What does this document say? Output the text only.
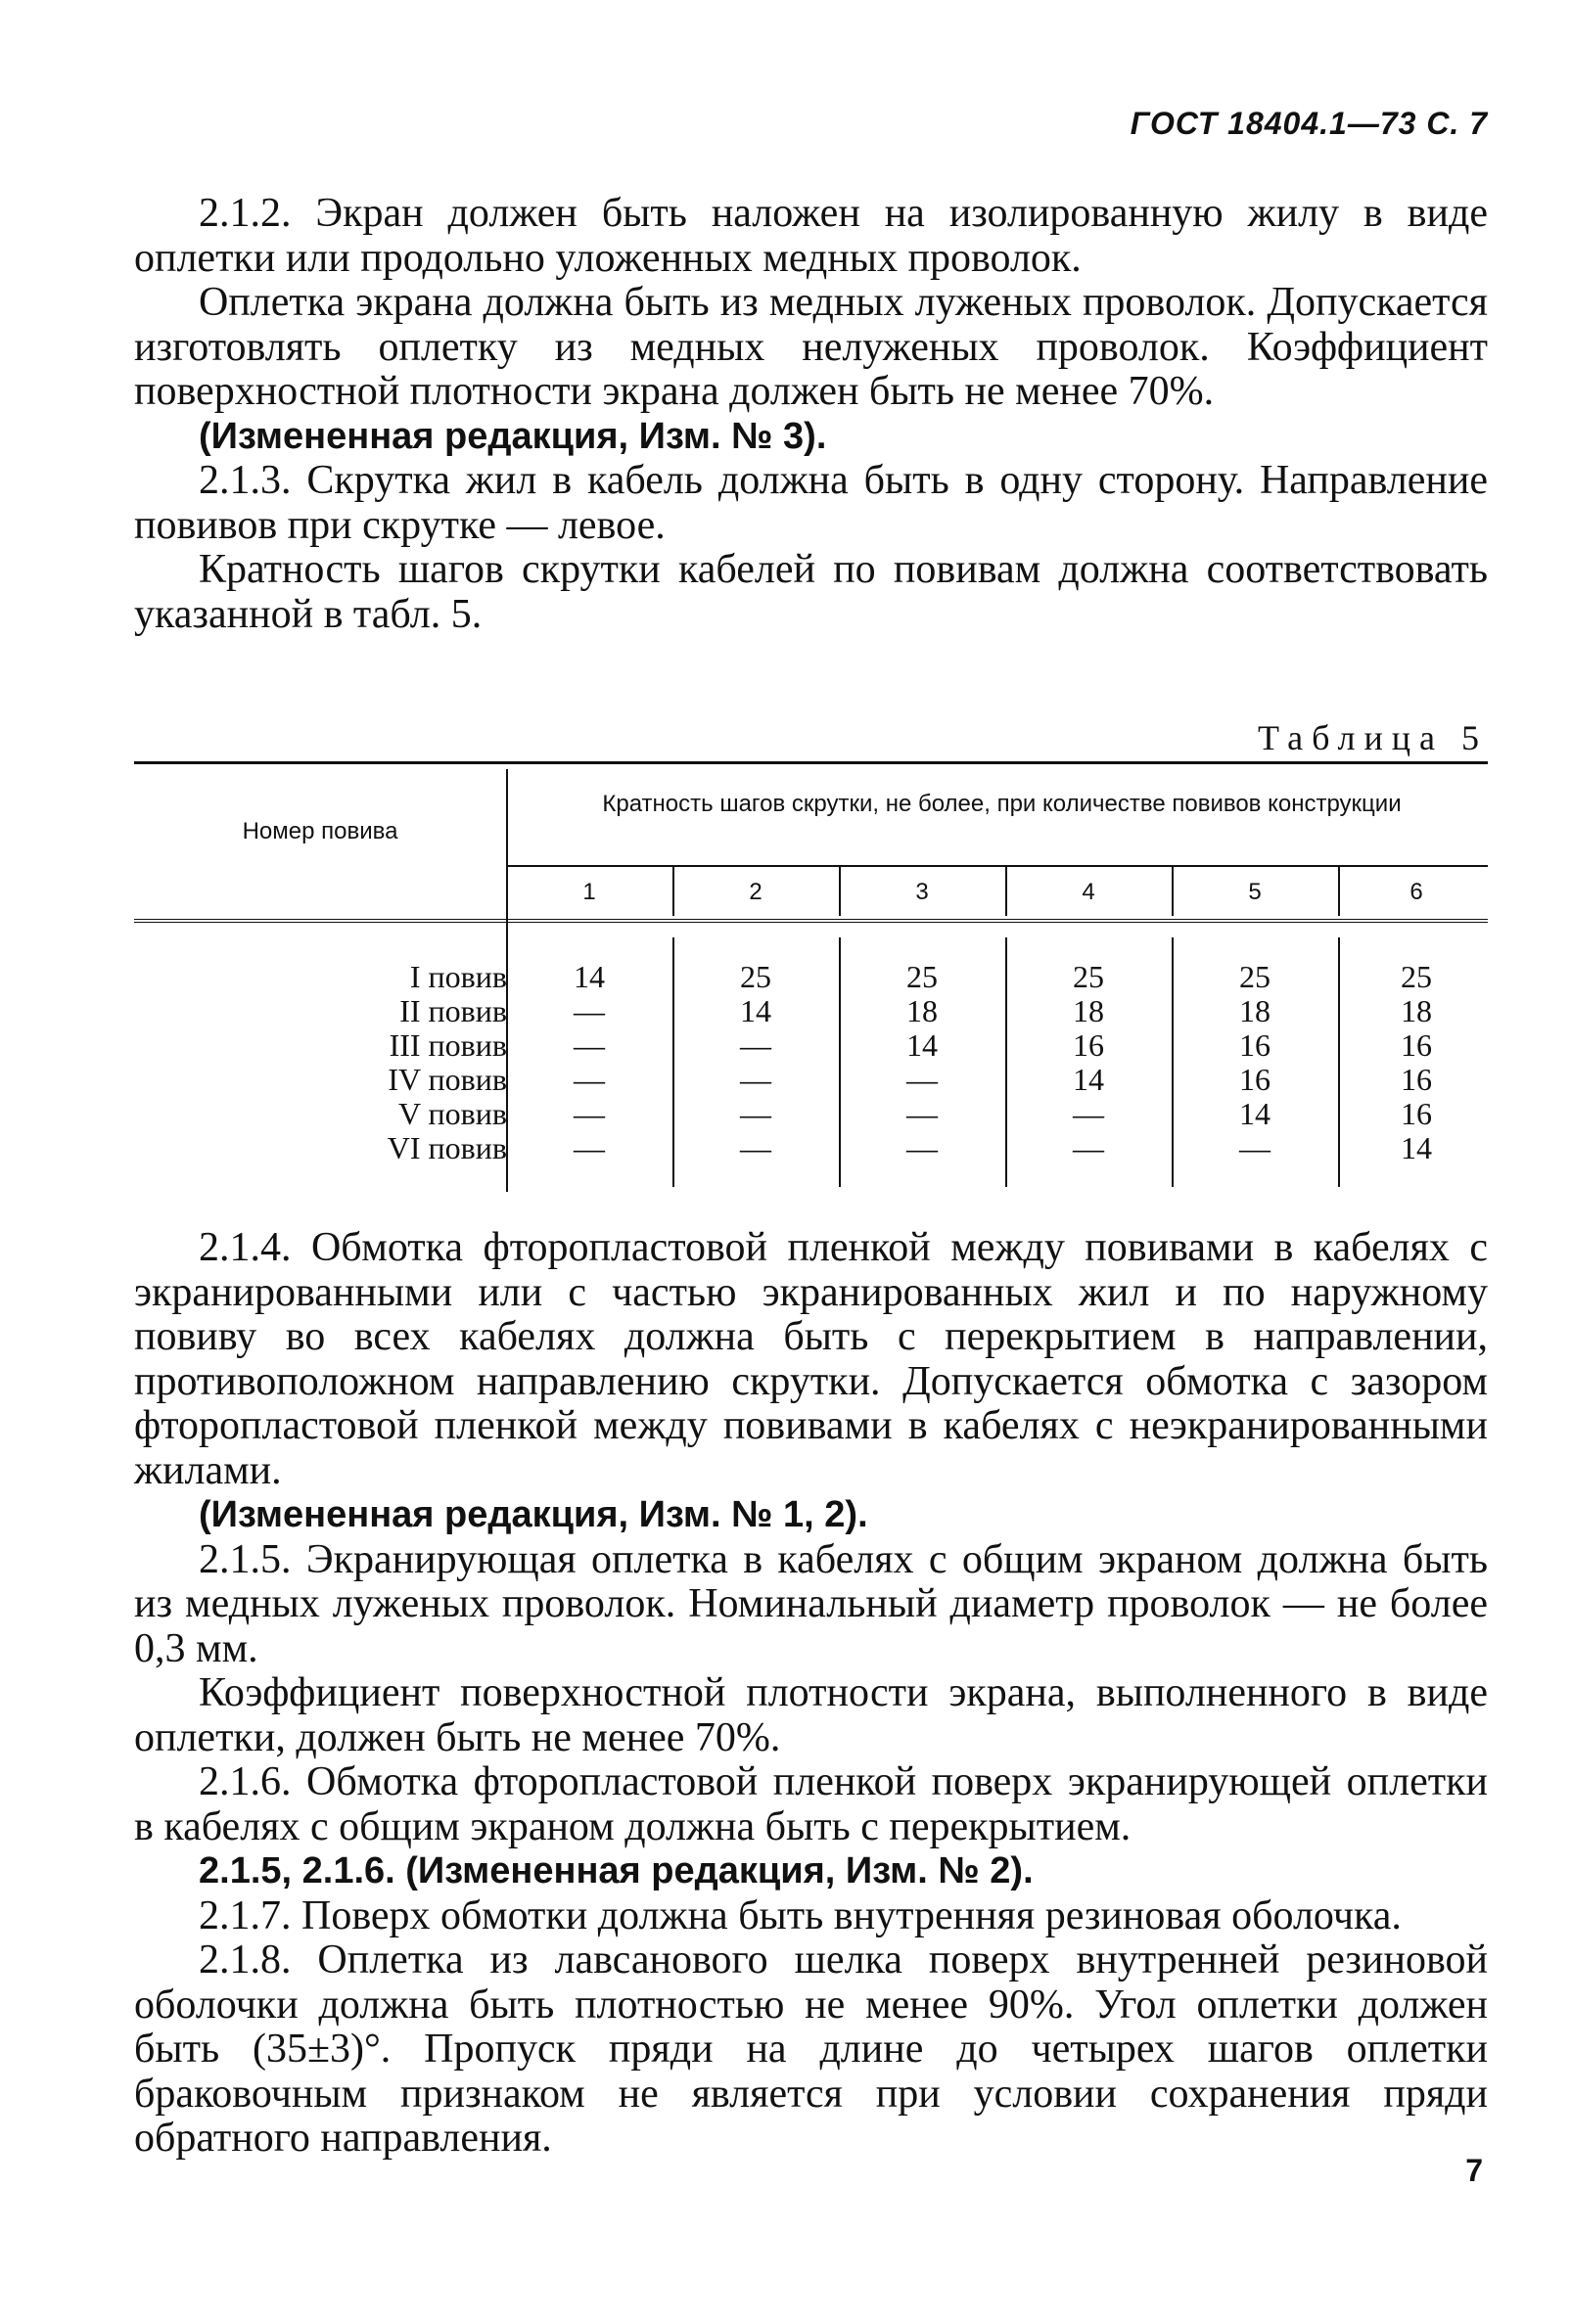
ГОСТ 18404.1—73 С. 7

2.1.2. Экран должен быть наложен на изолированную жилу в виде оплетки или продольно уложенных медных проволок.

Оплетка экрана должна быть из медных луженых проволок. Допускается изготовлять оплетку из медных нелуженых проволок. Коэффициент поверхностной плотности экрана должен быть не менее 70%.

(Измененная редакция, Изм. № 3).

2.1.3. Скрутка жил в кабель должна быть в одну сторону. Направление повивов при скрутке — левое.

Кратность шагов скрутки кабелей по повивам должна соответствовать указанной в табл. 5.

Таблица 5
Номер повива
Кратность шагов скрутки, не более, при количестве повивов конструкции
1	2	3	4	5	6
I повив	14	25	25	25	25	25
II повив	—	14	18	18	18	18
III повив	—	—	14	16	16	16
IV повив	—	—	—	14	16	16
V повив	—	—	—	—	14	16
VI повив	—	—	—	—	—	14

2.1.4. Обмотка фторопластовой пленкой между повивами в кабелях с экранированными или с частью экранированных жил и по наружному повиву во всех кабелях должна быть с перекрытием в направлении, противоположном направлению скрутки. Допускается обмотка с зазором фторопластовой пленкой между повивами в кабелях с неэкранированными жилами.

(Измененная редакция, Изм. № 1, 2).

2.1.5. Экранирующая оплетка в кабелях с общим экраном должна быть из медных луженых проволок. Номинальный диаметр проволок — не более 0,3 мм.

Коэффициент поверхностной плотности экрана, выполненного в виде оплетки, должен быть не менее 70%.

2.1.6. Обмотка фторопластовой пленкой поверх экранирующей оплетки в кабелях с общим экраном должна быть с перекрытием.

2.1.5, 2.1.6. (Измененная редакция, Изм. № 2).

2.1.7. Поверх обмотки должна быть внутренняя резиновая оболочка.

2.1.8. Оплетка из лавсанового шелка поверх внутренней резиновой оболочки должна быть плотностью не менее 90%. Угол оплетки должен быть (35±3)°. Пропуск пряди на длине до четырех шагов оплетки браковочным признаком не является при условии сохранения пряди обратного направления.

7
